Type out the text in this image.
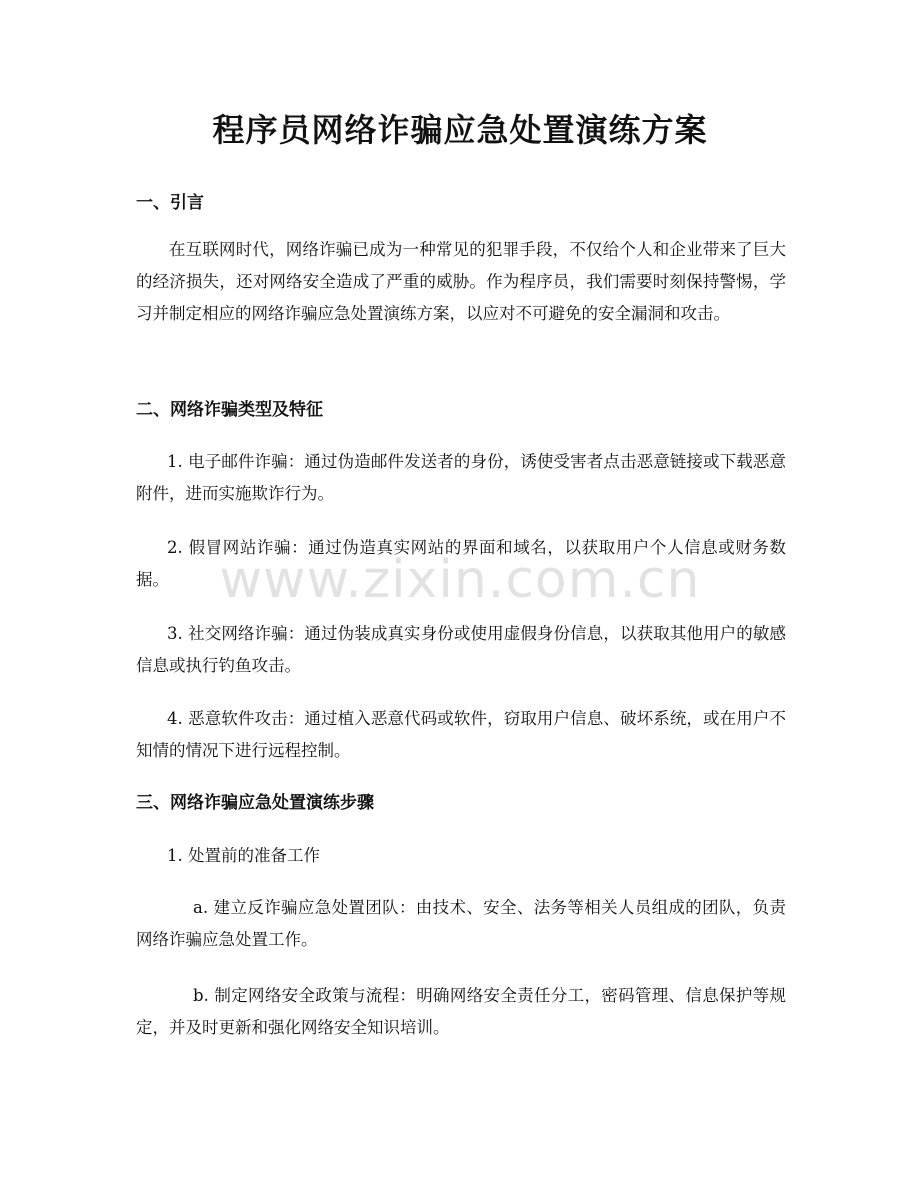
程序员网络诈骗应急处置演练方案
一、引言

在互联网时代，网络诈骗已成为一种常见的犯罪手段，不仅给个人和企业带来了巨大的经济损失，还对网络安全造成了严重的威胁。作为程序员，我们需要时刻保持警惕，学习并制定相应的网络诈骗应急处置演练方案，以应对不可避免的安全漏洞和攻击。

二、网络诈骗类型及特征

1. 电子邮件诈骗：通过伪造邮件发送者的身份，诱使受害者点击恶意链接或下载恶意附件，进而实施欺诈行为。

2. 假冒网站诈骗：通过伪造真实网站的界面和域名，以获取用户个人信息或财务数据。

3. 社交网络诈骗：通过伪装成真实身份或使用虚假身份信息，以获取其他用户的敏感信息或执行钓鱼攻击。

4. 恶意软件攻击：通过植入恶意代码或软件，窃取用户信息、破坏系统，或在用户不知情的情况下进行远程控制。

三、网络诈骗应急处置演练步骤

1. 处置前的准备工作

a. 建立反诈骗应急处置团队：由技术、安全、法务等相关人员组成的团队，负责网络诈骗应急处置工作。

b. 制定网络安全政策与流程：明确网络安全责任分工，密码管理、信息保护等规定，并及时更新和强化网络安全知识培训。

www.zixin.com.cn
